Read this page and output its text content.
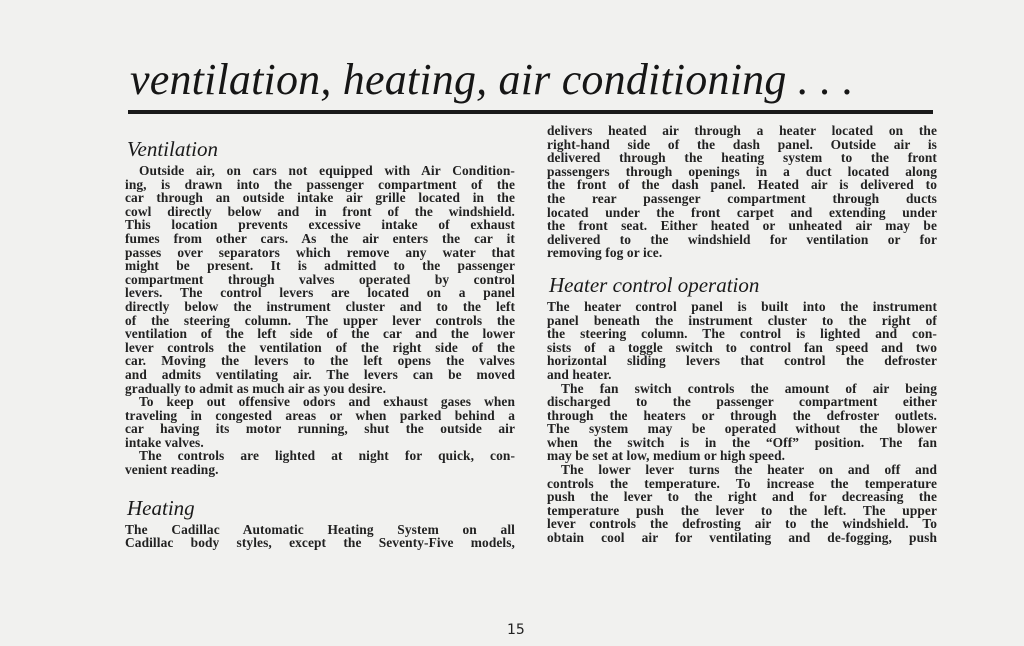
ventilation, heating, air conditioning . . .
Ventilation
Outside air, on cars not equipped with Air Condition-
ing, is drawn into the passenger compartment of the
car through an outside intake air grille located in the
cowl directly below and in front of the windshield.
This location prevents excessive intake of exhaust
fumes from other cars. As the air enters the car it
passes over separators which remove any water that
might be present. It is admitted to the passenger
compartment through valves operated by control
levers. The control levers are located on a panel
directly below the instrument cluster and to the left
of the steering column. The upper lever controls the
ventilation of the left side of the car and the lower
lever controls the ventilation of the right side of the
car. Moving the levers to the left opens the valves
and admits ventilating air. The levers can be moved
gradually to admit as much air as you desire.
To keep out offensive odors and exhaust gases when
traveling in congested areas or when parked behind a
car having its motor running, shut the outside air
intake valves.
The controls are lighted at night for quick, con-
venient reading.
Heating
The Cadillac Automatic Heating System on all
Cadillac body styles, except the Seventy-Five models,
delivers heated air through a heater located on the
right-hand side of the dash panel. Outside air is
delivered through the heating system to the front
passengers through openings in a duct located along
the front of the dash panel. Heated air is delivered to
the rear passenger compartment through ducts
located under the front carpet and extending under
the front seat. Either heated or unheated air may be
delivered to the windshield for ventilation or for
removing fog or ice.
Heater control operation
The heater control panel is built into the instrument
panel beneath the instrument cluster to the right of
the steering column. The control is lighted and con-
sists of a toggle switch to control fan speed and two
horizontal sliding levers that control the defroster
and heater.
The fan switch controls the amount of air being
discharged to the passenger compartment either
through the heaters or through the defroster outlets.
The system may be operated without the blower
when the switch is in the “Off” position. The fan
may be set at low, medium or high speed.
The lower lever turns the heater on and off and
controls the temperature. To increase the temperature
push the lever to the right and for decreasing the
temperature push the lever to the left. The upper
lever controls the defrosting air to the windshield. To
obtain cool air for ventilating and de-fogging, push
15
